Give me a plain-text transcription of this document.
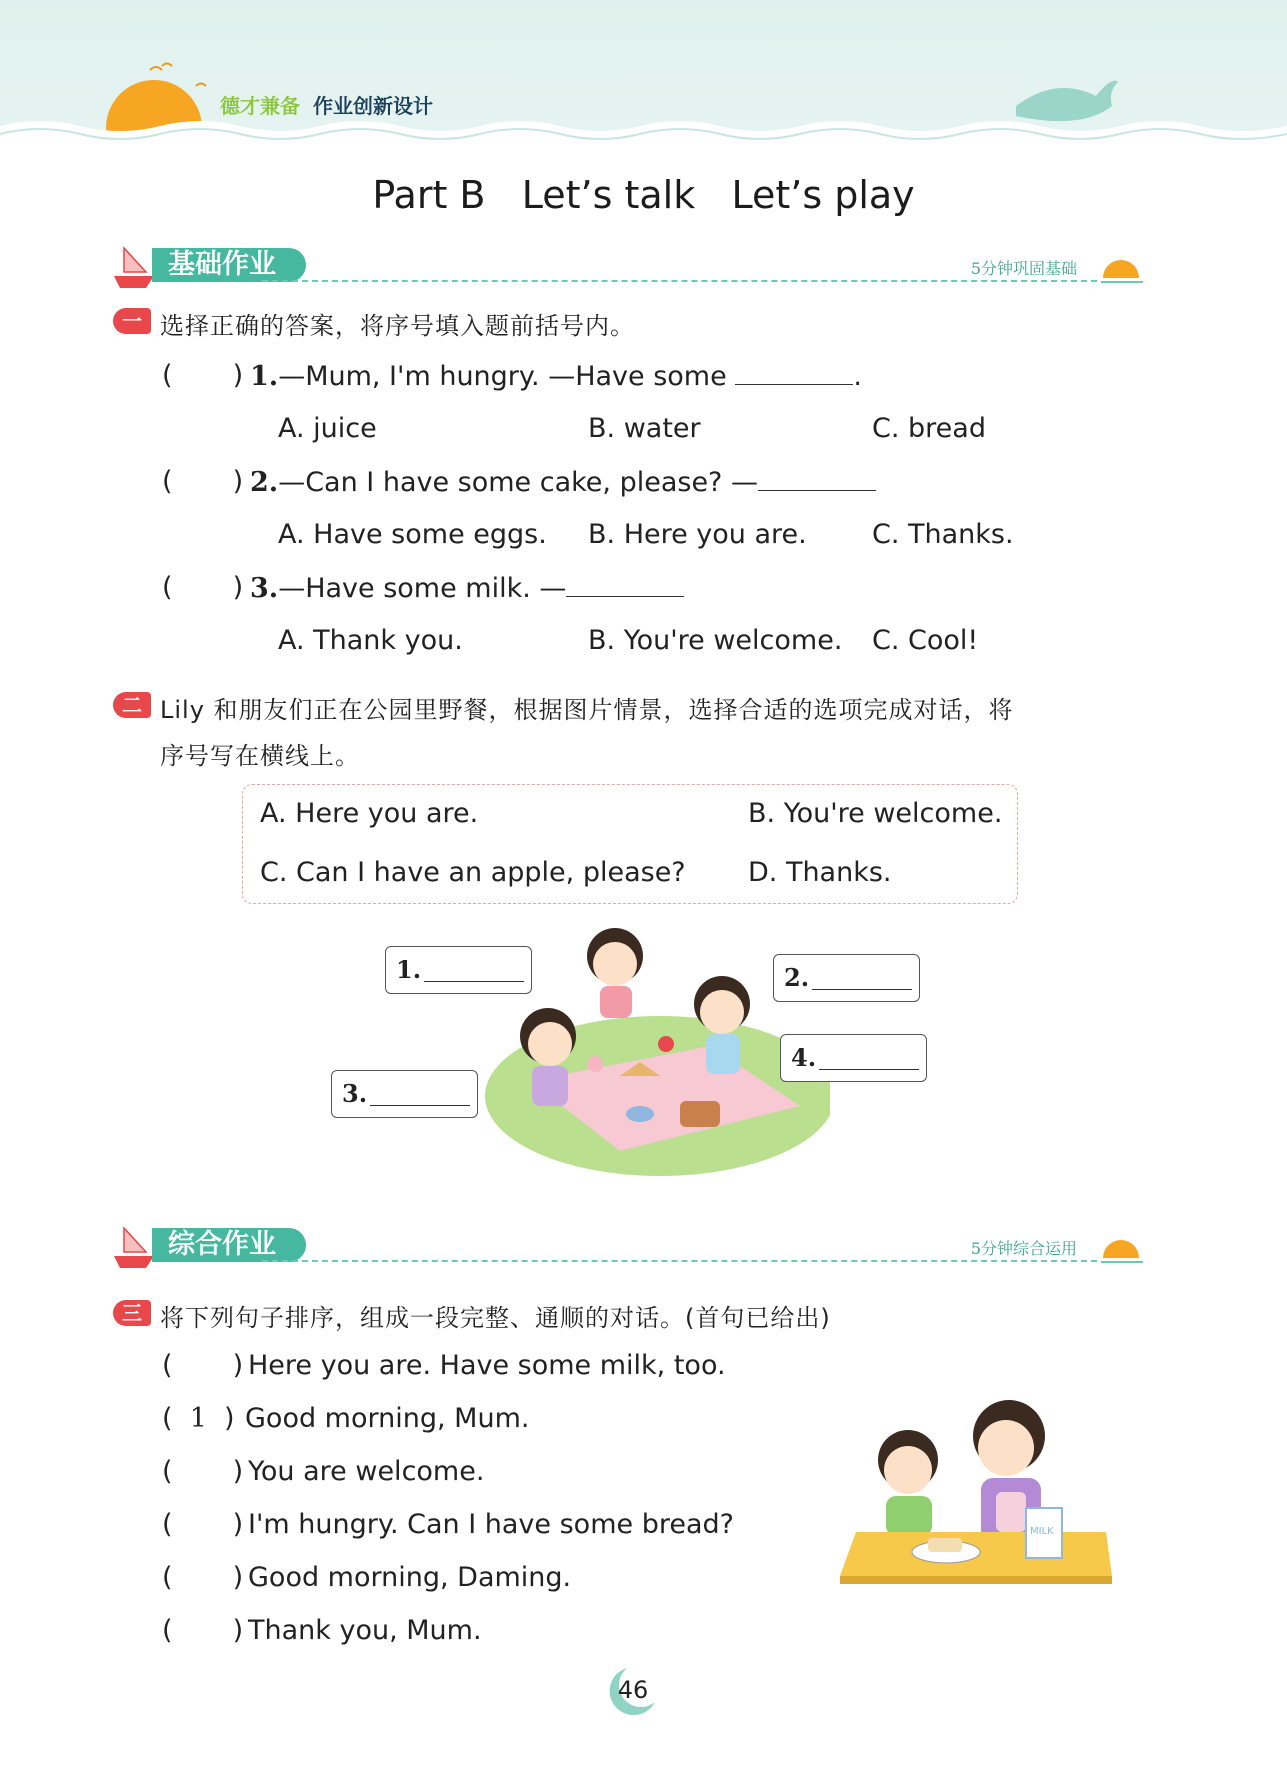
德才兼备 作业创新设计
Part B   Let’s talk   Let’s play
基础作业	5分钟巩固基础
一 选择正确的答案，将序号填入题前括号内。
(       ) 1.—Mum, I'm hungry. —Have some	.
A. juice	B. water	C. bread
(       ) 2.—Can I have some cake, please? —
A. Have some eggs. B. Here you are. C. Thanks.
(       ) 3.—Have some milk. —
A. Thank you.	B. You're welcome. C. Cool!
二 Lily 和朋友们正在公园里野餐，根据图片情景，选择合适的选项完成对话，将
序号写在横线上。
A. Here you are.	B. You're welcome.
C. Can I have an apple, please? D. Thanks.
1.	2.
3.
4.
综合作业	5分钟综合运用
三 将下列句子排序，组成一段完整、通顺的对话。(首句已给出)
(       ) Here you are. Have some milk, too.
(  1  ) Good morning, Mum.
(       ) You are welcome.
(       ) I'm hungry. Can I have some bread?
(       ) Good morning, Daming.
(       ) Thank you, Mum.
MILK
46
